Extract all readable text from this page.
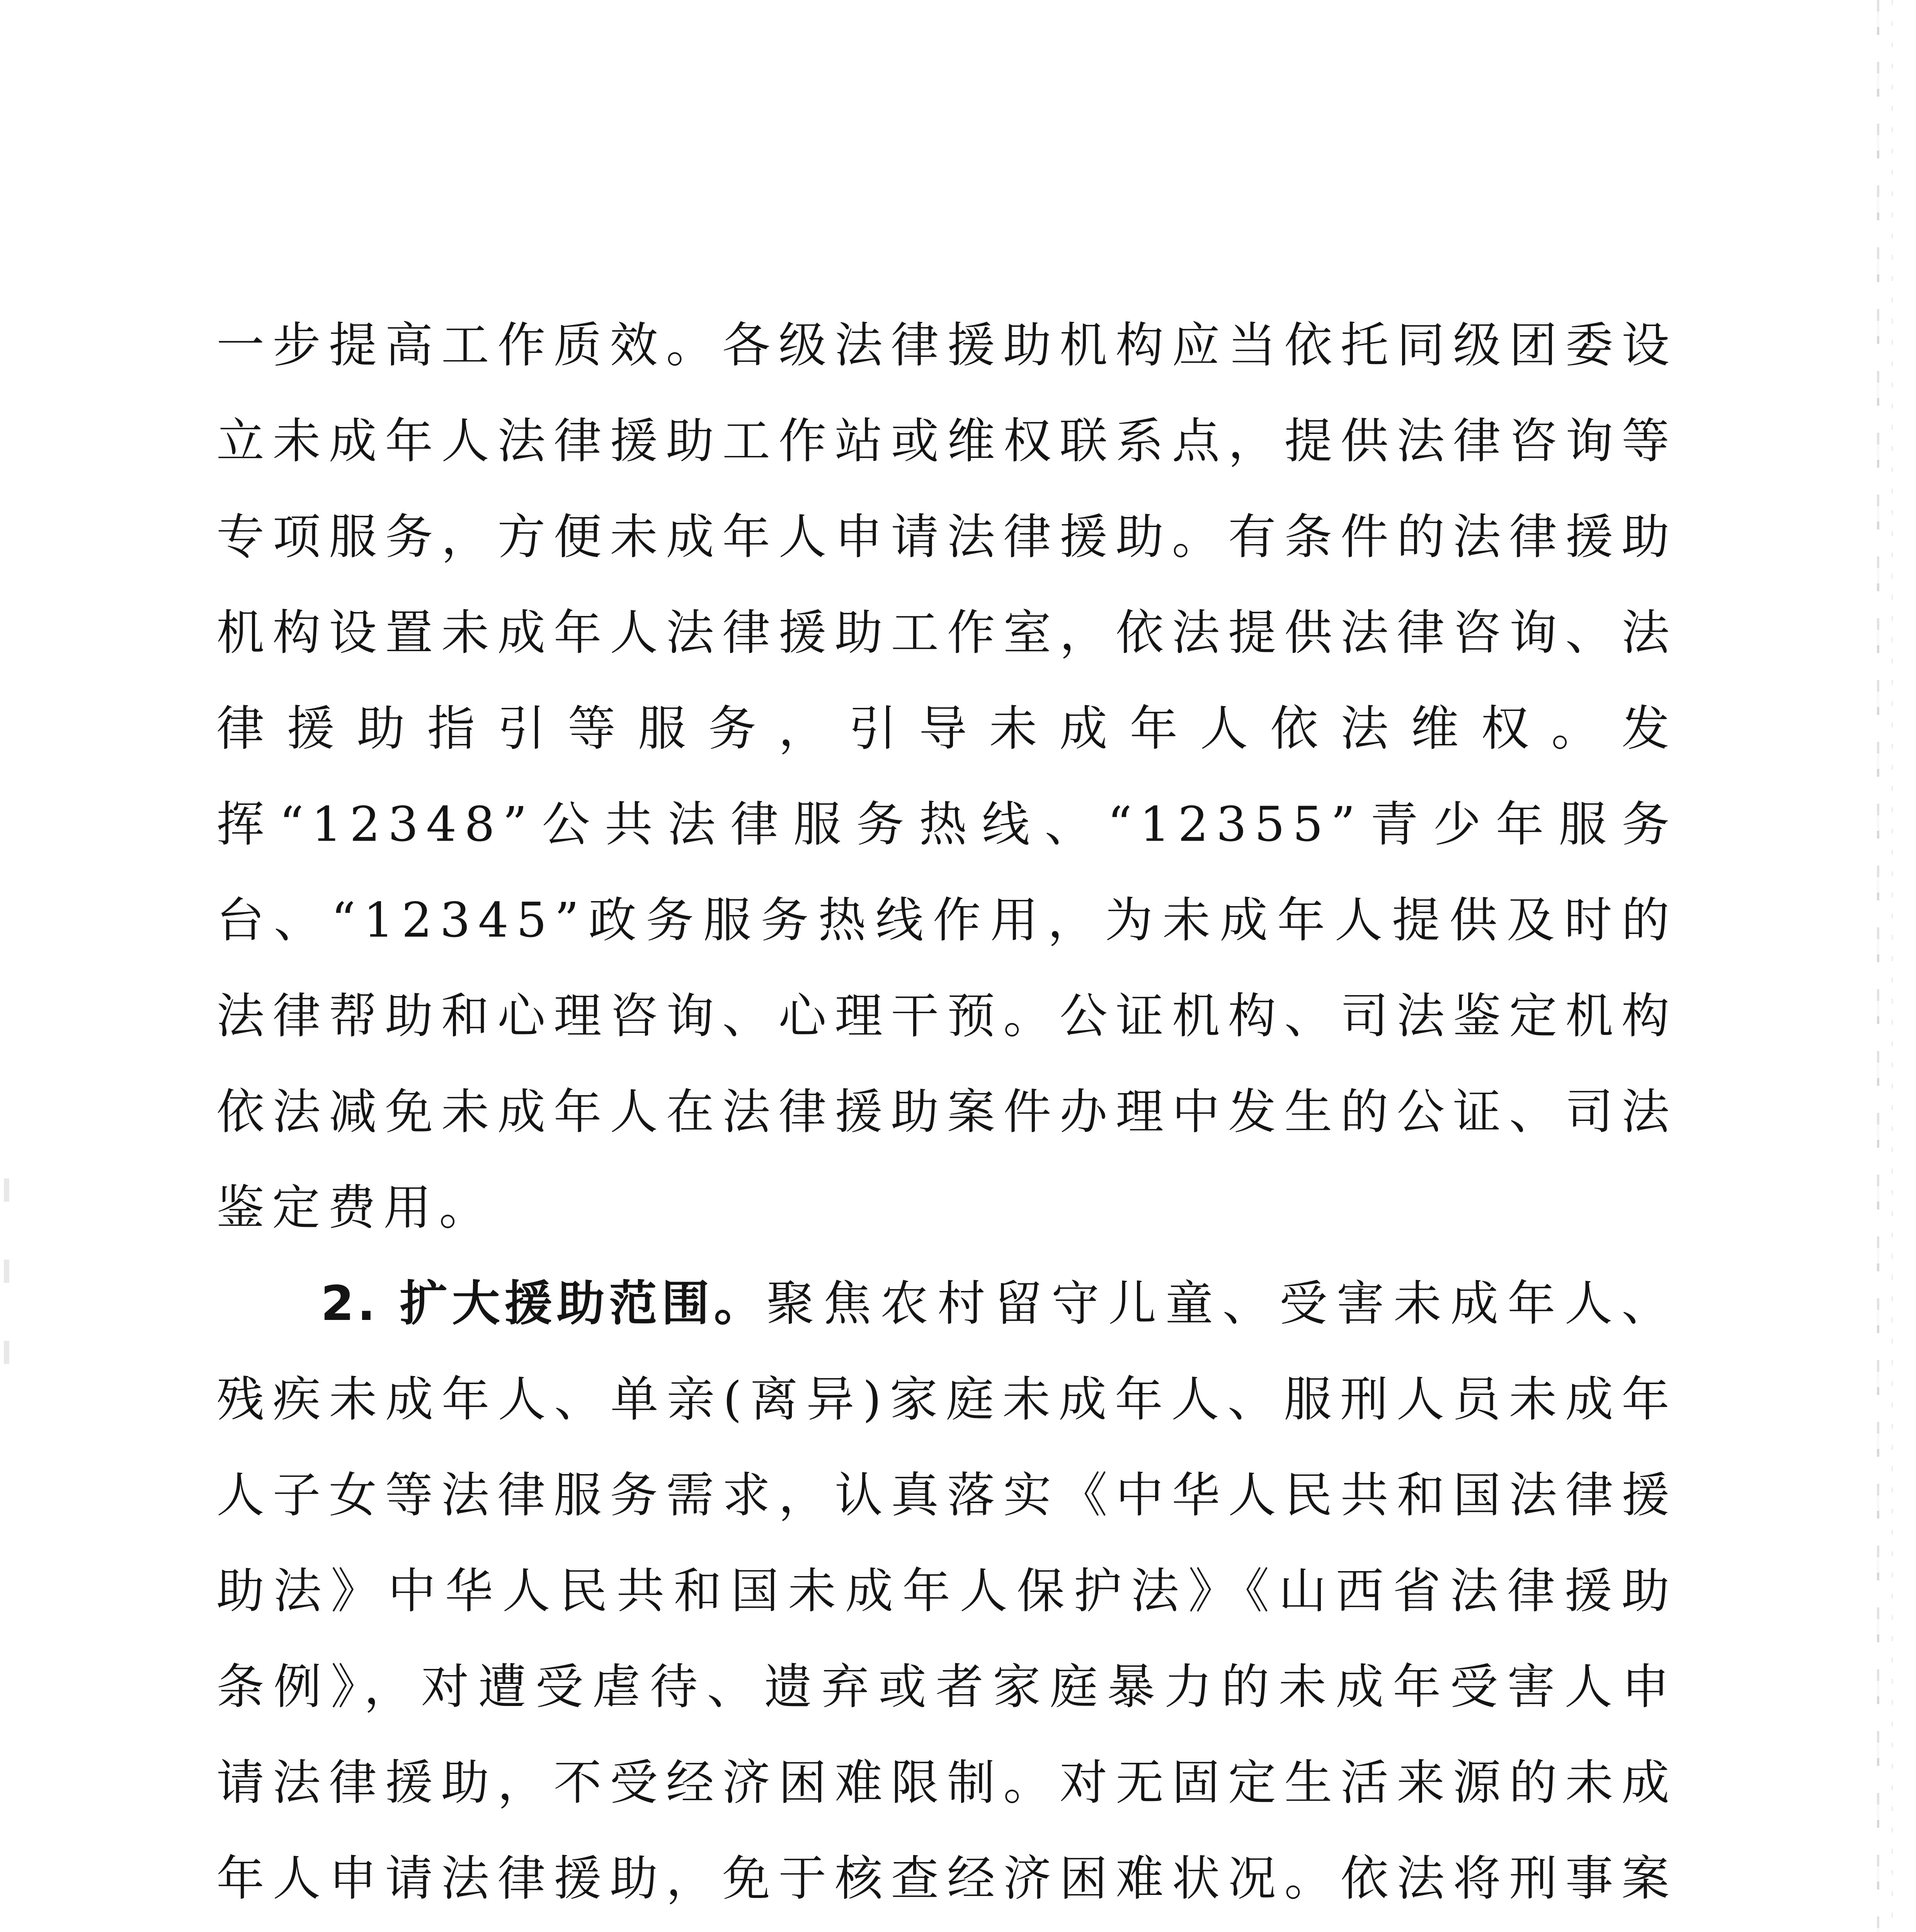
一步提高工作质效。各级法律援助机构应当依托同级团委设立未成年人法律援助工作站或维权联系点，提供法律咨询等专项服务，方便未成年人申请法律援助。有条件的法律援助机构设置未成年人法律援助工作室，依法提供法律咨询、法律援助指引等服务，引导未成年人依法维权。发挥“12348”公共法律服务热线、“12355”青少年服务台、“12345”政务服务热线作用，为未成年人提供及时的法律帮助和心理咨询、心理干预。公证机构、司法鉴定机构依法减免未成年人在法律援助案件办理中发生的公证、司法鉴定费用。

2. 扩大援助范围。聚焦农村留守儿童、受害未成年人、残疾未成年人、单亲(离异)家庭未成年人、服刑人员未成年人子女等法律服务需求，认真落实《中华人民共和国法律援助法》中华人民共和国未成年人保护法》《山西省法律援助条例》，对遭受虐待、遗弃或者家庭暴力的未成年受害人申请法律援助，不受经济困难限制。对无固定生活来源的未成年人申请法律援助，免于核查经济困难状况。依法将刑事案
